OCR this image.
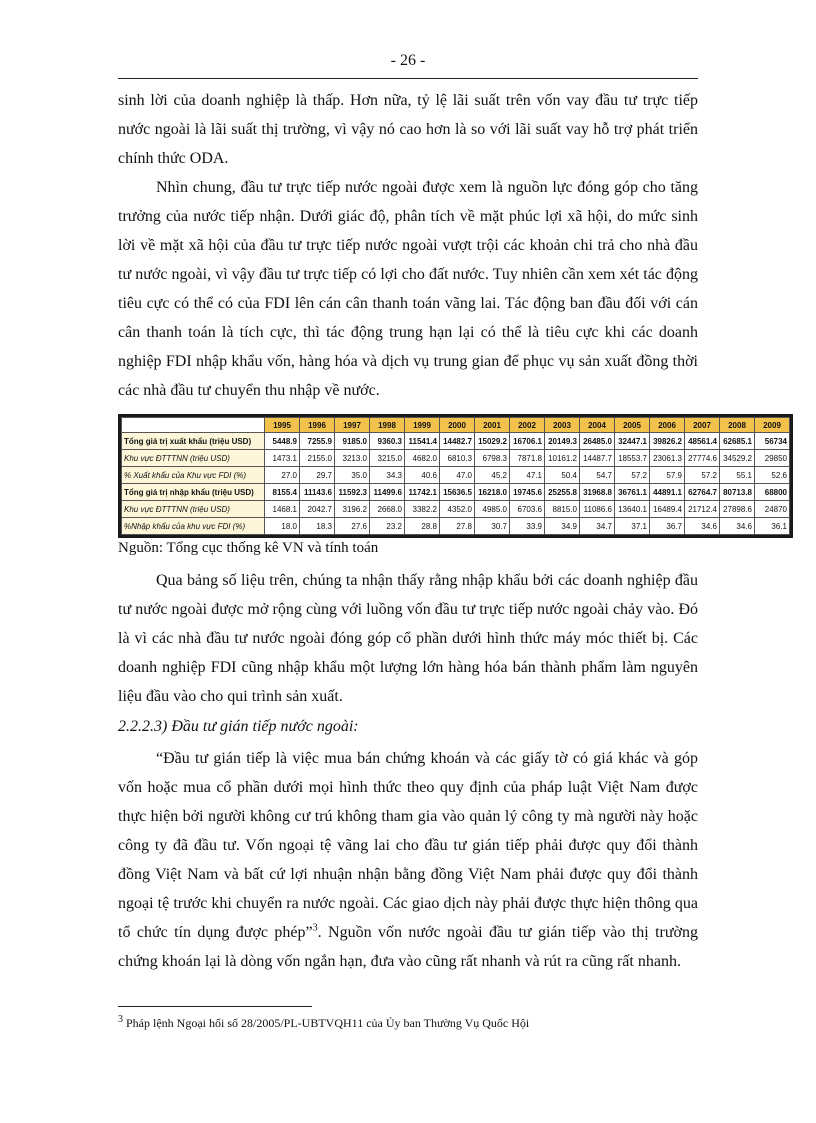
- 26 -

sinh lời của doanh nghiệp là thấp. Hơn nữa, tỷ lệ lãi suất trên vốn vay đầu tư trực tiếp nước ngoài là lãi suất thị trường, vì vậy nó cao hơn là so với lãi suất vay hỗ trợ phát triển chính thức ODA.

Nhìn chung, đầu tư trực tiếp nước ngoài được xem là nguồn lực đóng góp cho tăng trưởng của nước tiếp nhận. Dưới giác độ, phân tích về mặt phúc lợi xã hội, do mức sinh lời về mặt xã hội của đầu tư trực tiếp nước ngoài vượt trội các khoản chi trả cho nhà đầu tư nước ngoài, vì vậy đầu tư trực tiếp có lợi cho đất nước. Tuy nhiên cần xem xét tác động tiêu cực có thể có của FDI lên cán cân thanh toán vãng lai. Tác động ban đầu đối với cán cân thanh toán là tích cực, thì tác động trung hạn lại có thể là tiêu cực khi các doanh nghiệp FDI nhập khẩu vốn, hàng hóa và dịch vụ trung gian để phục vụ sản xuất đồng thời các nhà đầu tư chuyển thu nhập về nước.

	1995	1996	1997	1998	1999	2000	2001	2002	2003	2004	2005	2006	2007	2008	2009
Tổng giá trị xuất khẩu (triệu USD)	5448.9	7255.9	9185.0	9360.3	11541.4	14482.7	15029.2	16706.1	20149.3	26485.0	32447.1	39826.2	48561.4	62685.1	56734
Khu vực ĐTTTNN (triệu USD)	1473.1	2155.0	3213.0	3215.0	4682.0	6810.3	6798.3	7871.8	10161.2	14487.7	18553.7	23061.3	27774.6	34529.2	29850
% Xuất khẩu của Khu vực FDI (%)	27.0	29.7	35.0	34.3	40.6	47.0	45.2	47.1	50.4	54.7	57.2	57.9	57.2	55.1	52.6
Tổng giá trị nhập khẩu (triệu USD)	8155.4	11143.6	11592.3	11499.6	11742.1	15636.5	16218.0	19745.6	25255.8	31968.8	36761.1	44891.1	62764.7	80713.8	68800
Khu vực ĐTTTNN (triệu USD)	1468.1	2042.7	3196.2	2668.0	3382.2	4352.0	4985.0	6703.6	8815.0	11086.6	13640.1	16489.4	21712.4	27898.6	24870
%Nhập khẩu của khu vực FDI (%)	18.0	18.3	27.6	23.2	28.8	27.8	30.7	33.9	34.9	34.7	37.1	36.7	34.6	34.6	36.1

Nguồn: Tổng cục thống kê VN và tính toán

Qua bảng số liệu trên, chúng ta nhận thấy rằng nhập khẩu bởi các doanh nghiệp đầu tư nước ngoài được mở rộng cùng với luồng vốn đầu tư trực tiếp nước ngoài chảy vào. Đó là vì các nhà đầu tư nước ngoài đóng góp cổ phần dưới hình thức máy móc thiết bị. Các doanh nghiệp FDI cũng nhập khẩu một lượng lớn hàng hóa bán thành phẩm làm nguyên liệu đầu vào cho qui trình sản xuất.

2.2.2.3) Đầu tư gián tiếp nước ngoài:

“Đầu tư gián tiếp là việc mua bán chứng khoán và các giấy tờ có giá khác và góp vốn hoặc mua cổ phần dưới mọi hình thức theo quy định của pháp luật Việt Nam được thực hiện bởi người không cư trú không tham gia vào quản lý công ty mà người này hoặc công ty đã đầu tư. Vốn ngoại tệ vãng lai cho đầu tư gián tiếp phải được quy đổi thành đồng Việt Nam và bất cứ lợi nhuận nhận bằng đồng Việt Nam phải được quy đổi thành ngoại tệ trước khi chuyển ra nước ngoài. Các giao dịch này phải được thực hiện thông qua tổ chức tín dụng được phép”$^3$. Nguồn vốn nước ngoài đầu tư gián tiếp vào thị trường chứng khoán lại là dòng vốn ngắn hạn, đưa vào cũng rất nhanh và rút ra cũng rất nhanh.

$^3$ Pháp lệnh Ngoại hối số 28/2005/PL-UBTVQH11 của Ủy ban Thường Vụ Quốc Hội
